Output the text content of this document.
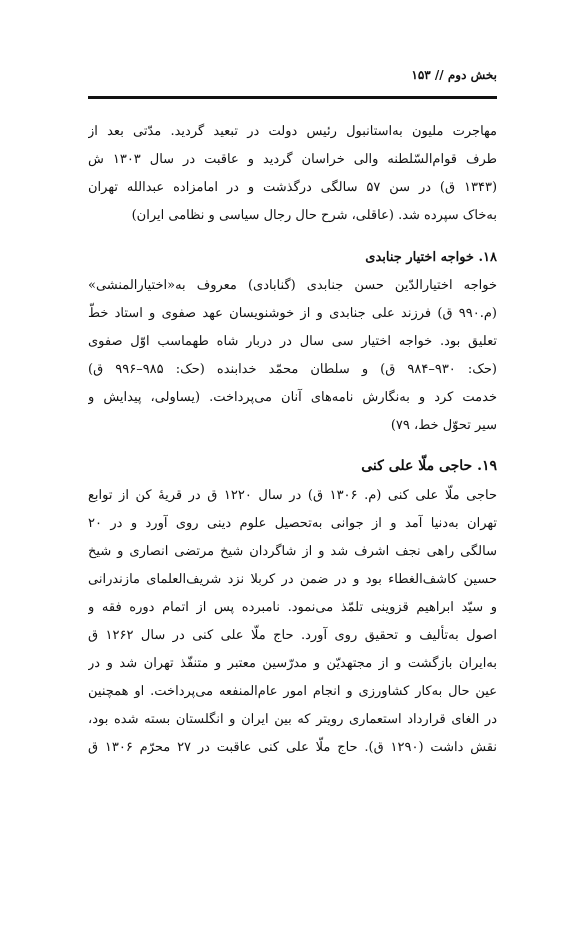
بخش دوم // ۱۵۳
مهاجرت ملیون به‌استانبول رئیس دولت در تبعید گردید. مدّتی بعد از
طرف قوام‌السّلطنه والی خراسان گردید و عاقبت در سال ۱۳۰۳ ش
(۱۳۴۳ ق) در سن ۵۷ سالگی درگذشت و در امامزاده عبدالله تهران
به‌خاک سپرده شد. (عاقلی، شرح حال رجال سیاسی و نظامی ایران)
۱۸. خواجه اختیار جنابدی
خواجه اختیارالدّین حسن جنابدی (گنابادی) معروف به«اختیارالمنشی»
(م.۹۹۰ ق) فرزند علی جنابدی و از خوشنویسان عهد صفوی و استاد خطّ
تعلیق بود. خواجه اختیار سی سال در دربار شاه طهماسب اوّل صفوی
(حک: ۹۳۰–۹۸۴ ق) و سلطان محمّد خدابنده (حک: ۹۸۵–۹۹۶ ق)
خدمت کرد و به‌نگارش نامه‌های آنان می‌پرداخت. (یساولی، پیدایش و
سیر تحوّل خط، ۷۹)
۱۹. حاجی ملّا علی کنی
حاجی ملّا علی کنی (م. ۱۳۰۶ ق) در سال ۱۲۲۰ ق در قریهٔ کن از توابع
تهران به‌دنیا آمد و از جوانی به‌تحصیل علوم دینی روی آورد و در ۲۰
سالگی راهی نجف اشرف شد و از شاگردان شیخ مرتضی انصاری و شیخ
حسین کاشف‌الغطاء بود و در ضمن در کربلا نزد شریف‌العلمای مازندرانی
و سیّد ابراهیم قزوینی تلمّذ می‌نمود. نامبرده پس از اتمام دوره فقه و
اصول به‌تألیف و تحقیق روی آورد. حاج ملّا علی کنی در سال ۱۲۶۲ ق
به‌ایران بازگشت و از مجتهدیّن و مدرّسین معتبر و متنفّذ تهران شد و در
عین حال به‌کار کشاورزی و انجام امور عام‌المنفعه می‌پرداخت. او همچنین
در الغای قرارداد استعماری رویتر که بین ایران و انگلستان بسته شده بود،
نقش داشت (۱۲۹۰ ق). حاج ملّا علی کنی عاقبت در ۲۷ محرّم ۱۳۰۶ ق
